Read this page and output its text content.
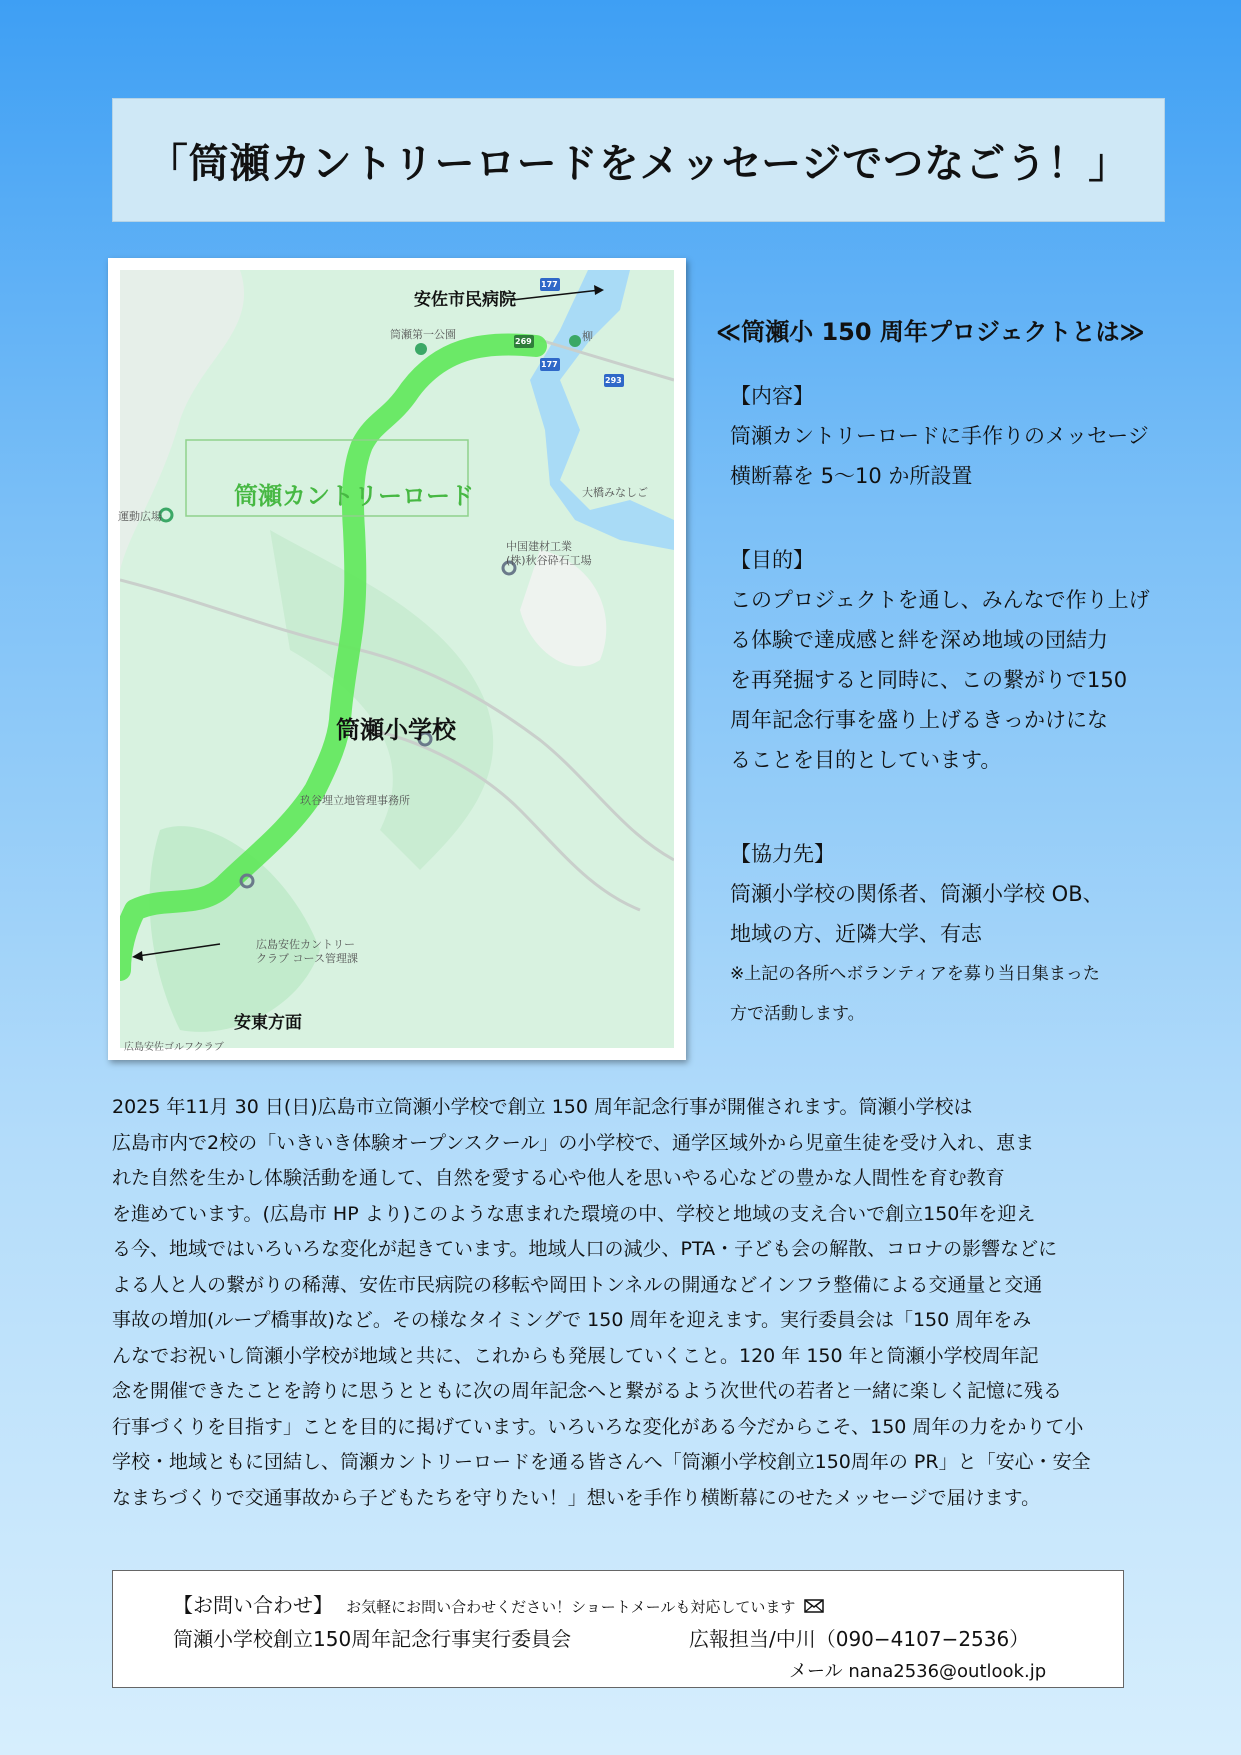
「筒瀬カントリーロードをメッセージでつなごう！」
安佐市民病院
筒瀬カントリーロード
筒瀬小学校
安東方面
筒瀬第一公園
運動広場
大橋みなしご
柳
中国建材工業
(株)秋谷砕石工場
玖谷埋立地管理事務所
広島安佐カントリー
クラブ コース管理課
広島安佐ゴルフクラブ
269
177
177
293
≪筒瀬小 150 周年プロジェクトとは≫
【内容】
筒瀬カントリーロードに手作りのメッセージ
横断幕を 5～10 か所設置
【目的】
このプロジェクトを通し、みんなで作り上げ
る体験で達成感と絆を深め地域の団結力
を再発掘すると同時に、この繋がりで150
周年記念行事を盛り上げるきっかけにな
ることを目的としています。
【協力先】
筒瀬小学校の関係者、筒瀬小学校 OB、
地域の方、近隣大学、有志
※上記の各所へボランティアを募り当日集まった
方で活動します。
2025 年11月 30 日(日)広島市立筒瀬小学校で創立 150 周年記念行事が開催されます。筒瀬小学校は
広島市内で2校の「いきいき体験オープンスクール」の小学校で、通学区域外から児童生徒を受け入れ、恵ま
れた自然を生かし体験活動を通して、自然を愛する心や他人を思いやる心などの豊かな人間性を育む教育
を進めています。(広島市 HP より)このような恵まれた環境の中、学校と地域の支え合いで創立150年を迎え
る今、地域ではいろいろな変化が起きています。地域人口の減少、PTA・子ども会の解散、コロナの影響などに
よる人と人の繋がりの稀薄、安佐市民病院の移転や岡田トンネルの開通などインフラ整備による交通量と交通
事故の増加(ループ橋事故)など。その様なタイミングで 150 周年を迎えます。実行委員会は「150 周年をみ
んなでお祝いし筒瀬小学校が地域と共に、これからも発展していくこと。120 年 150 年と筒瀬小学校周年記
念を開催できたことを誇りに思うとともに次の周年記念へと繋がるよう次世代の若者と一緒に楽しく記憶に残る
行事づくりを目指す」ことを目的に掲げています。いろいろな変化がある今だからこそ、150 周年の力をかりて小
学校・地域ともに団結し、筒瀬カントリーロードを通る皆さんへ「筒瀬小学校創立150周年の PR」と「安心・安全
なまちづくりで交通事故から子どもたちを守りたい！」想いを手作り横断幕にのせたメッセージで届けます。
【お問い合わせ】 お気軽にお問い合わせください！ショートメールも対応しています
筒瀬小学校創立150周年記念行事実行委員会	広報担当/中川（090−4107−2536）
メール nana2536@outlook.jp
